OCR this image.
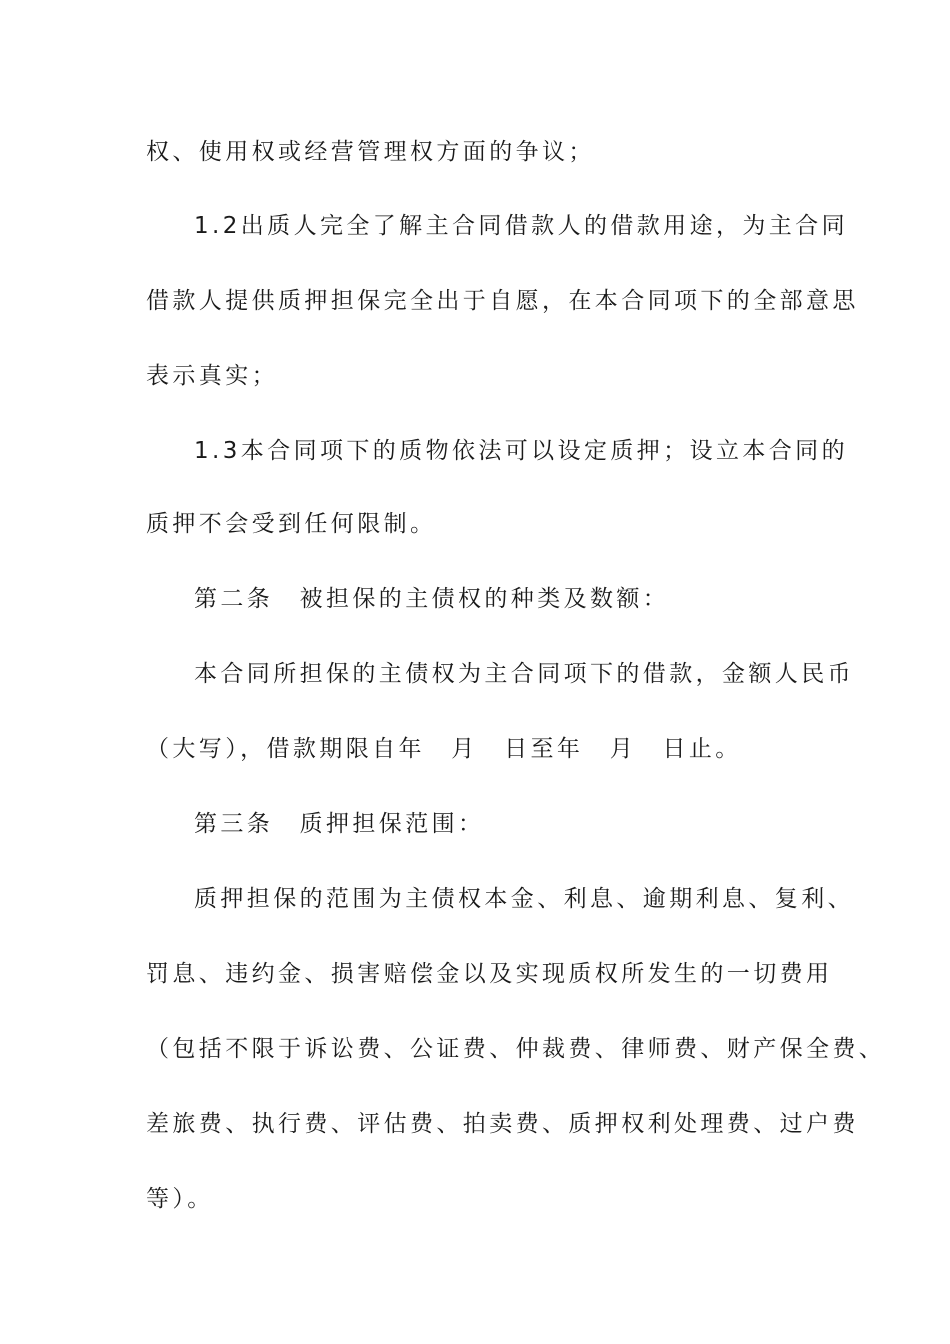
权、使用权或经营管理权方面的争议；
1.2出质人完全了解主合同借款人的借款用途，为主合同
借款人提供质押担保完全出于自愿，在本合同项下的全部意思
表示真实；
1.3本合同项下的质物依法可以设定质押；设立本合同的
质押不会受到任何限制。
第二条　被担保的主债权的种类及数额：
本合同所担保的主债权为主合同项下的借款，金额人民币
（大写），借款期限自年　月　日至年　月　日止。
第三条　质押担保范围：
质押担保的范围为主债权本金、利息、逾期利息、复利、
罚息、违约金、损害赔偿金以及实现质权所发生的一切费用
（包括不限于诉讼费、公证费、仲裁费、律师费、财产保全费、
差旅费、执行费、评估费、拍卖费、质押权利处理费、过户费
等）。
